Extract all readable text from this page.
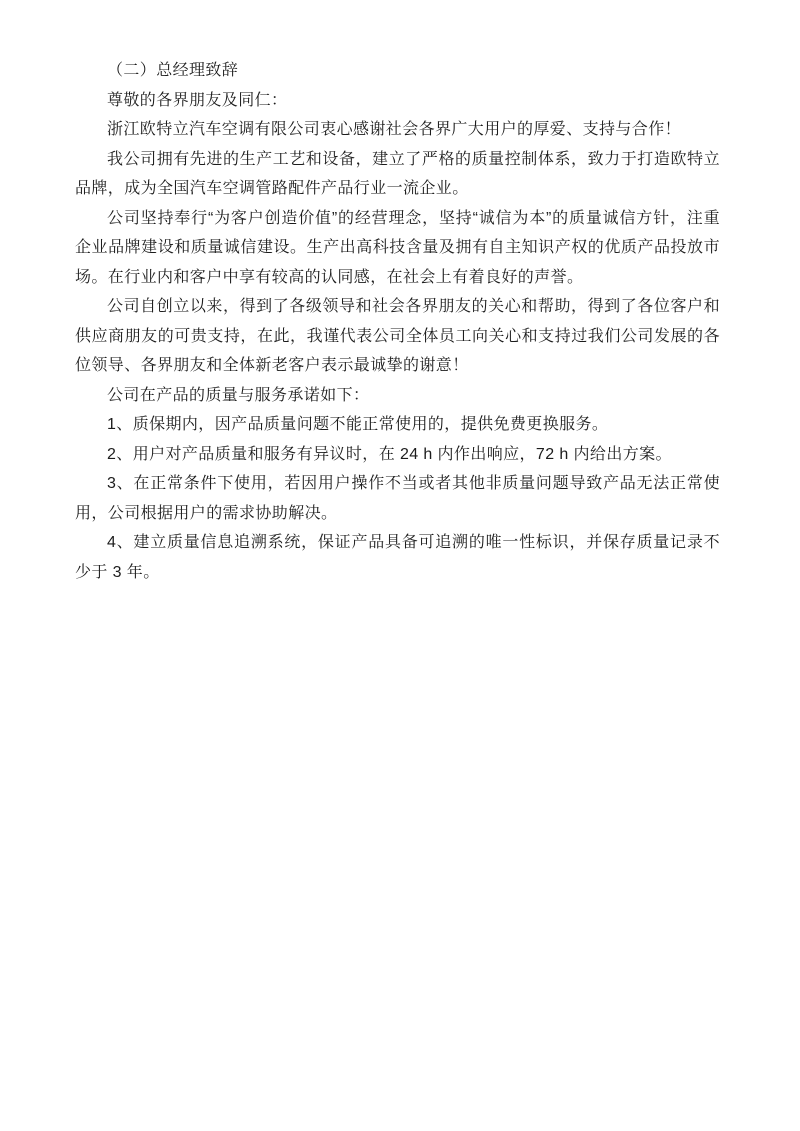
（二）总经理致辞

尊敬的各界朋友及同仁：

浙江欧特立汽车空调有限公司衷心感谢社会各界广大用户的厚爱、支持与合作！

我公司拥有先进的生产工艺和设备，建立了严格的质量控制体系，致力于打造欧特立品牌，成为全国汽车空调管路配件产品行业一流企业。

公司坚持奉行“为客户创造价值”的经营理念，坚持“诚信为本”的质量诚信方针，注重企业品牌建设和质量诚信建设。生产出高科技含量及拥有自主知识产权的优质产品投放市场。在行业内和客户中享有较高的认同感，在社会上有着良好的声誉。

公司自创立以来，得到了各级领导和社会各界朋友的关心和帮助，得到了各位客户和供应商朋友的可贵支持，在此，我谨代表公司全体员工向关心和支持过我们公司发展的各位领导、各界朋友和全体新老客户表示最诚挚的谢意！

公司在产品的质量与服务承诺如下：

1、质保期内，因产品质量问题不能正常使用的，提供免费更换服务。

2、用户对产品质量和服务有异议时，在 24 h 内作出响应，72 h 内给出方案。

3、在正常条件下使用，若因用户操作不当或者其他非质量问题导致产品无法正常使用，公司根据用户的需求协助解决。

4、建立质量信息追溯系统，保证产品具备可追溯的唯一性标识，并保存质量记录不少于 3 年。
